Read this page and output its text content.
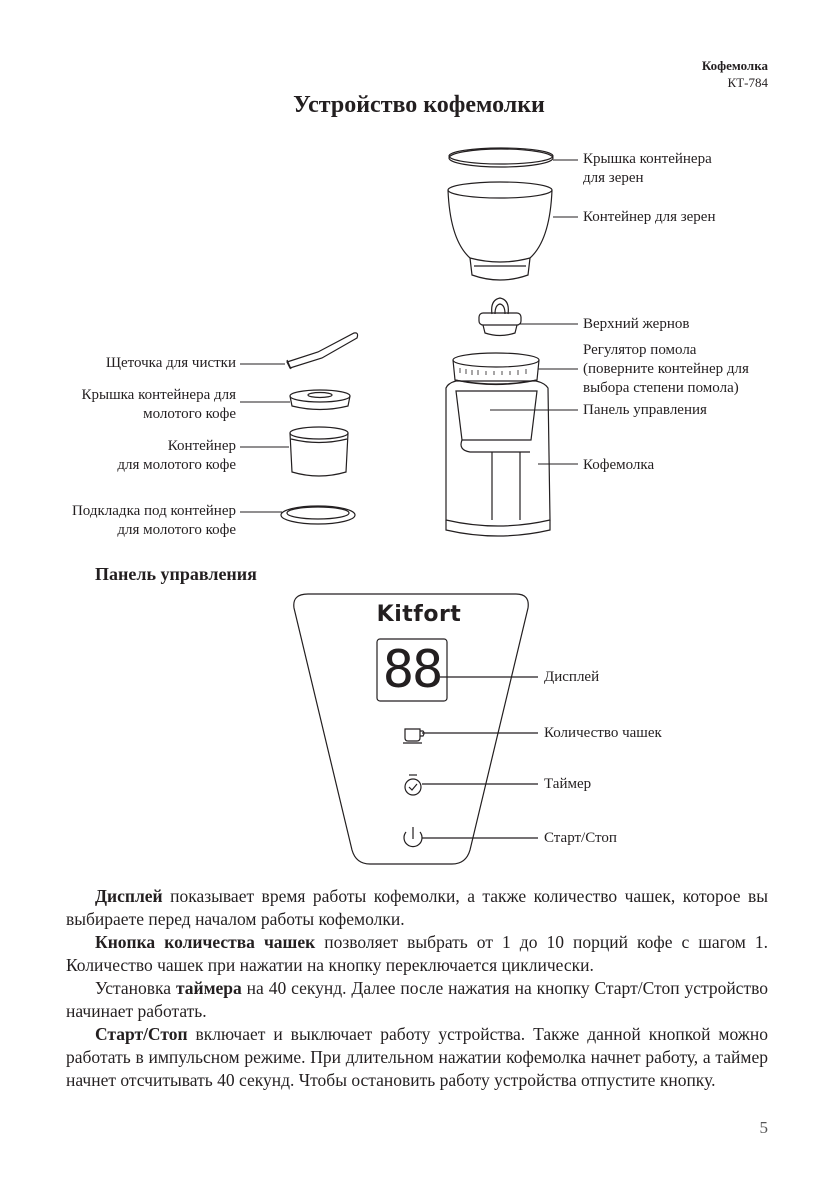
Кофемолка
КТ-784
Устройство кофемолки
Крышка контейнера
для зерен
Контейнер для зерен
Верхний жернов
Регулятор помола
(поверните контейнер для
выбора степени помола)
Панель управления
Кофемолка
Щеточка для чистки
Крышка контейнера для
молотого кофе
Контейнер
для молотого кофе
Подкладка под контейнер
для молотого кофе
Панель управления
Kitfort
88	Дисплей
Количество чашек
Таймер
Старт/Стоп

Дисплей показывает время работы кофемолки, а также количество чашек, которое вы выбираете перед началом работы кофемолки.

Кнопка количества чашек позволяет выбрать от 1 до 10 порций кофе с шагом 1. Количество чашек при нажатии на кнопку переключается циклически.

Установка таймера на 40 секунд. Далее после нажатия на кнопку Старт/Стоп устройство начинает работать.

Старт/Стоп включает и выключает работу устройства. Также данной кнопкой можно работать в импульсном режиме. При длительном нажатии кофемолка начнет работу, а таймер начнет отсчитывать 40 секунд. Чтобы остановить работу устройства отпустите кнопку.

5
